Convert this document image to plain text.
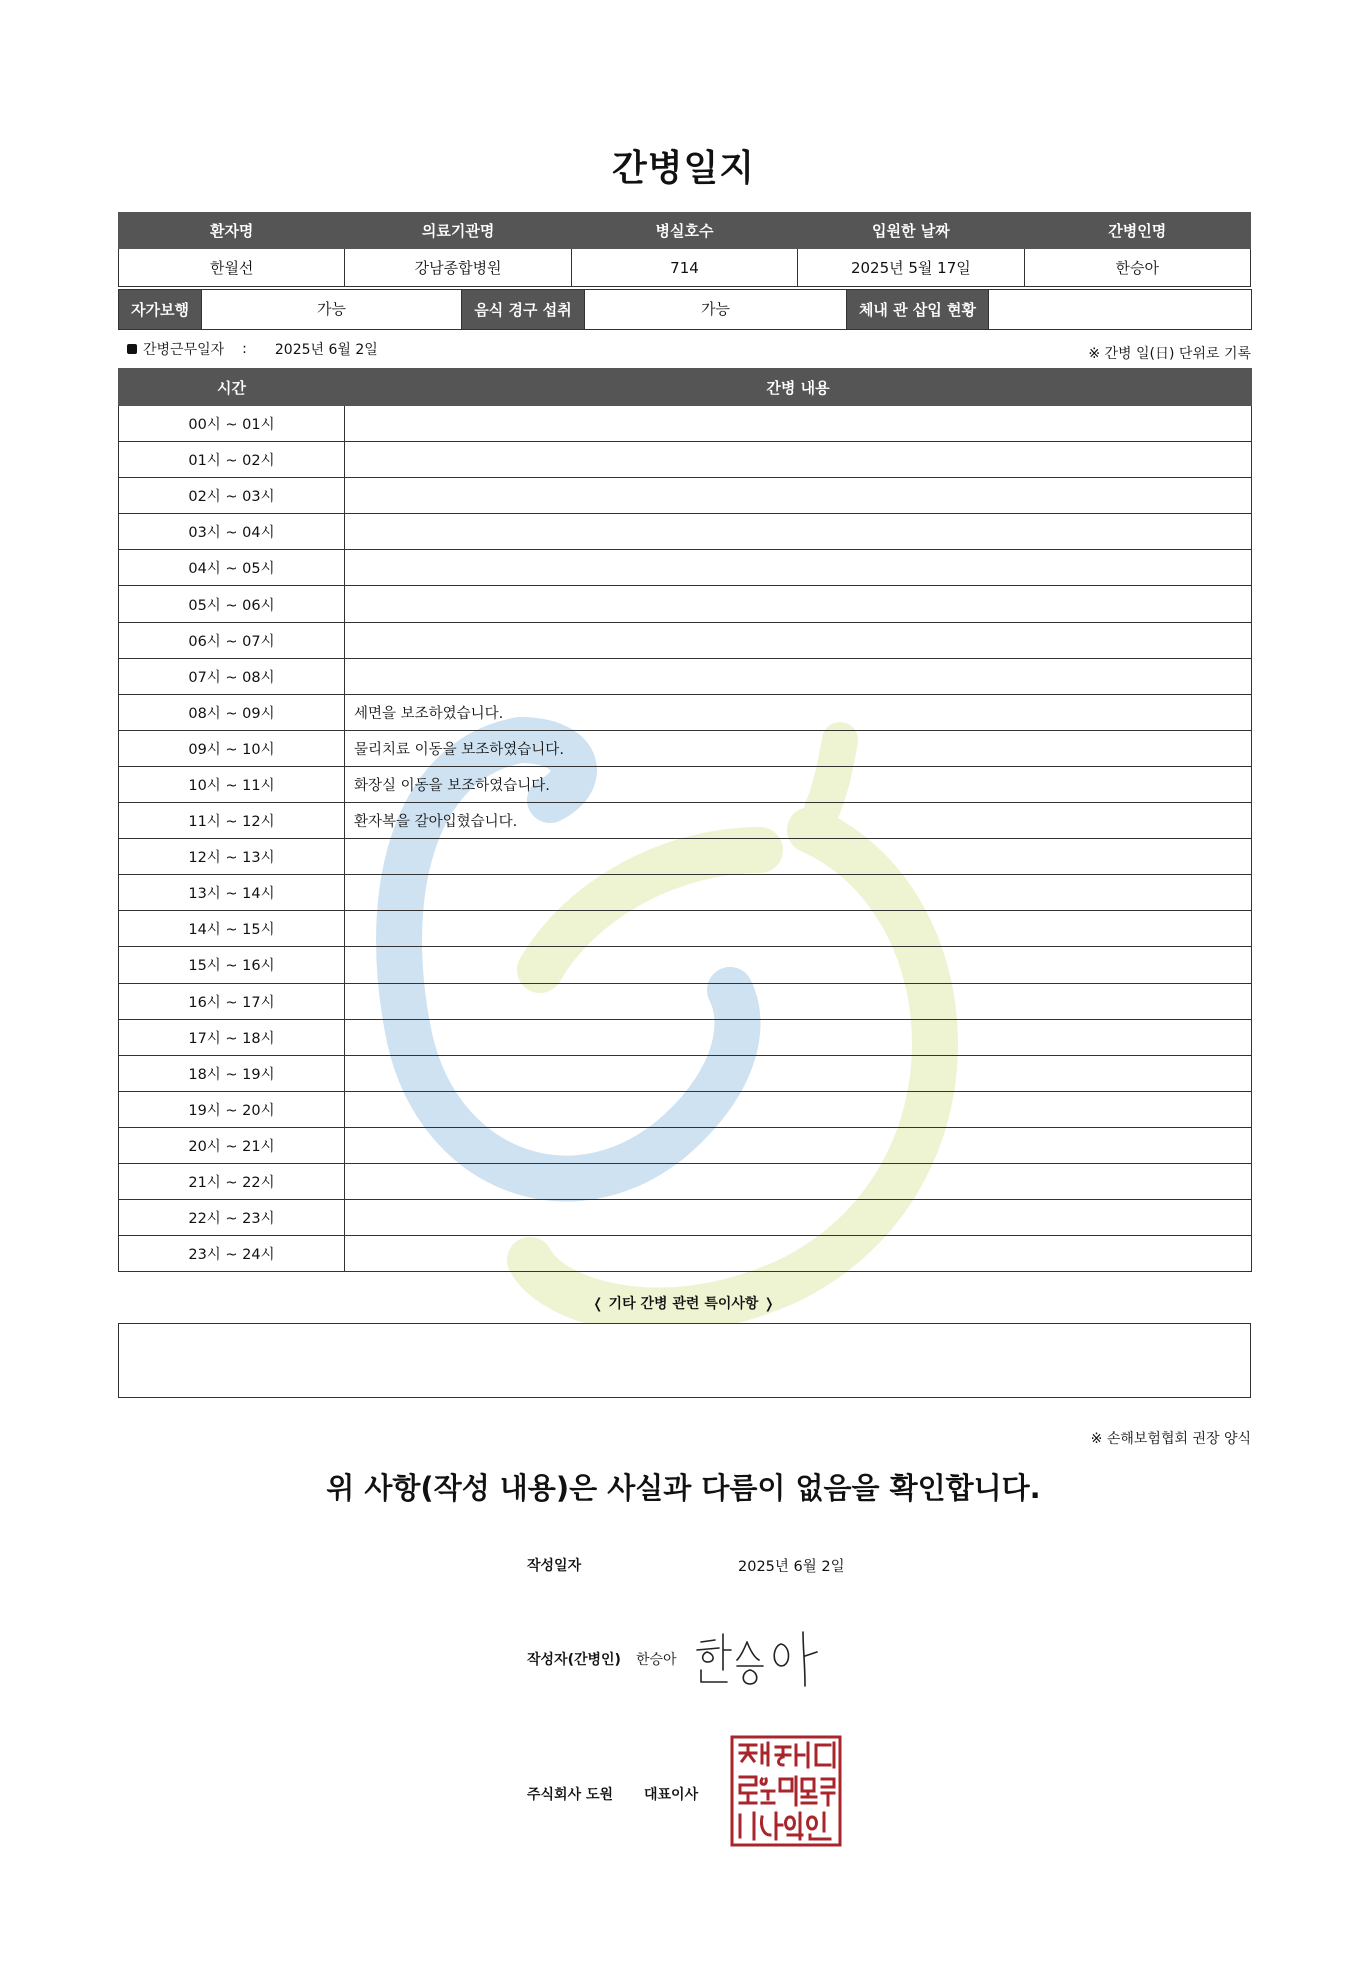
간병일지
환자명	의료기관명	병실호수	입원한 날짜	간병인명
한월선	강남종합병원	714	2025년 5월 17일	한승아
자가보행	가능	음식 경구 섭취	가능	체내 관 삽입 현황	
간병근무일자 : 2025년 6월 2일	※ 간병 일(日) 단위로 기록
시간	간병 내용
00시 ~ 01시	
01시 ~ 02시	
02시 ~ 03시	
03시 ~ 04시	
04시 ~ 05시	
05시 ~ 06시	
06시 ~ 07시	
07시 ~ 08시	
08시 ~ 09시	세면을 보조하였습니다.
09시 ~ 10시	물리치료 이동을 보조하였습니다.
10시 ~ 11시	화장실 이동을 보조하였습니다.
11시 ~ 12시	환자복을 갈아입혔습니다.
12시 ~ 13시	
13시 ~ 14시	
14시 ~ 15시	
15시 ~ 16시	
16시 ~ 17시	
17시 ~ 18시	
18시 ~ 19시	
19시 ~ 20시	
20시 ~ 21시	
21시 ~ 22시	
22시 ~ 23시	
23시 ~ 24시	
❬ 기타 간병 관련 특이사항 ❭
※ 손해보험협회 권장 양식
위 사항(작성 내용)은 사실과 다름이 없음을 확인합니다.
작성일자	2025년 6월 2일
작성자(간병인) 한승아
주식회사 도원 대표이사
